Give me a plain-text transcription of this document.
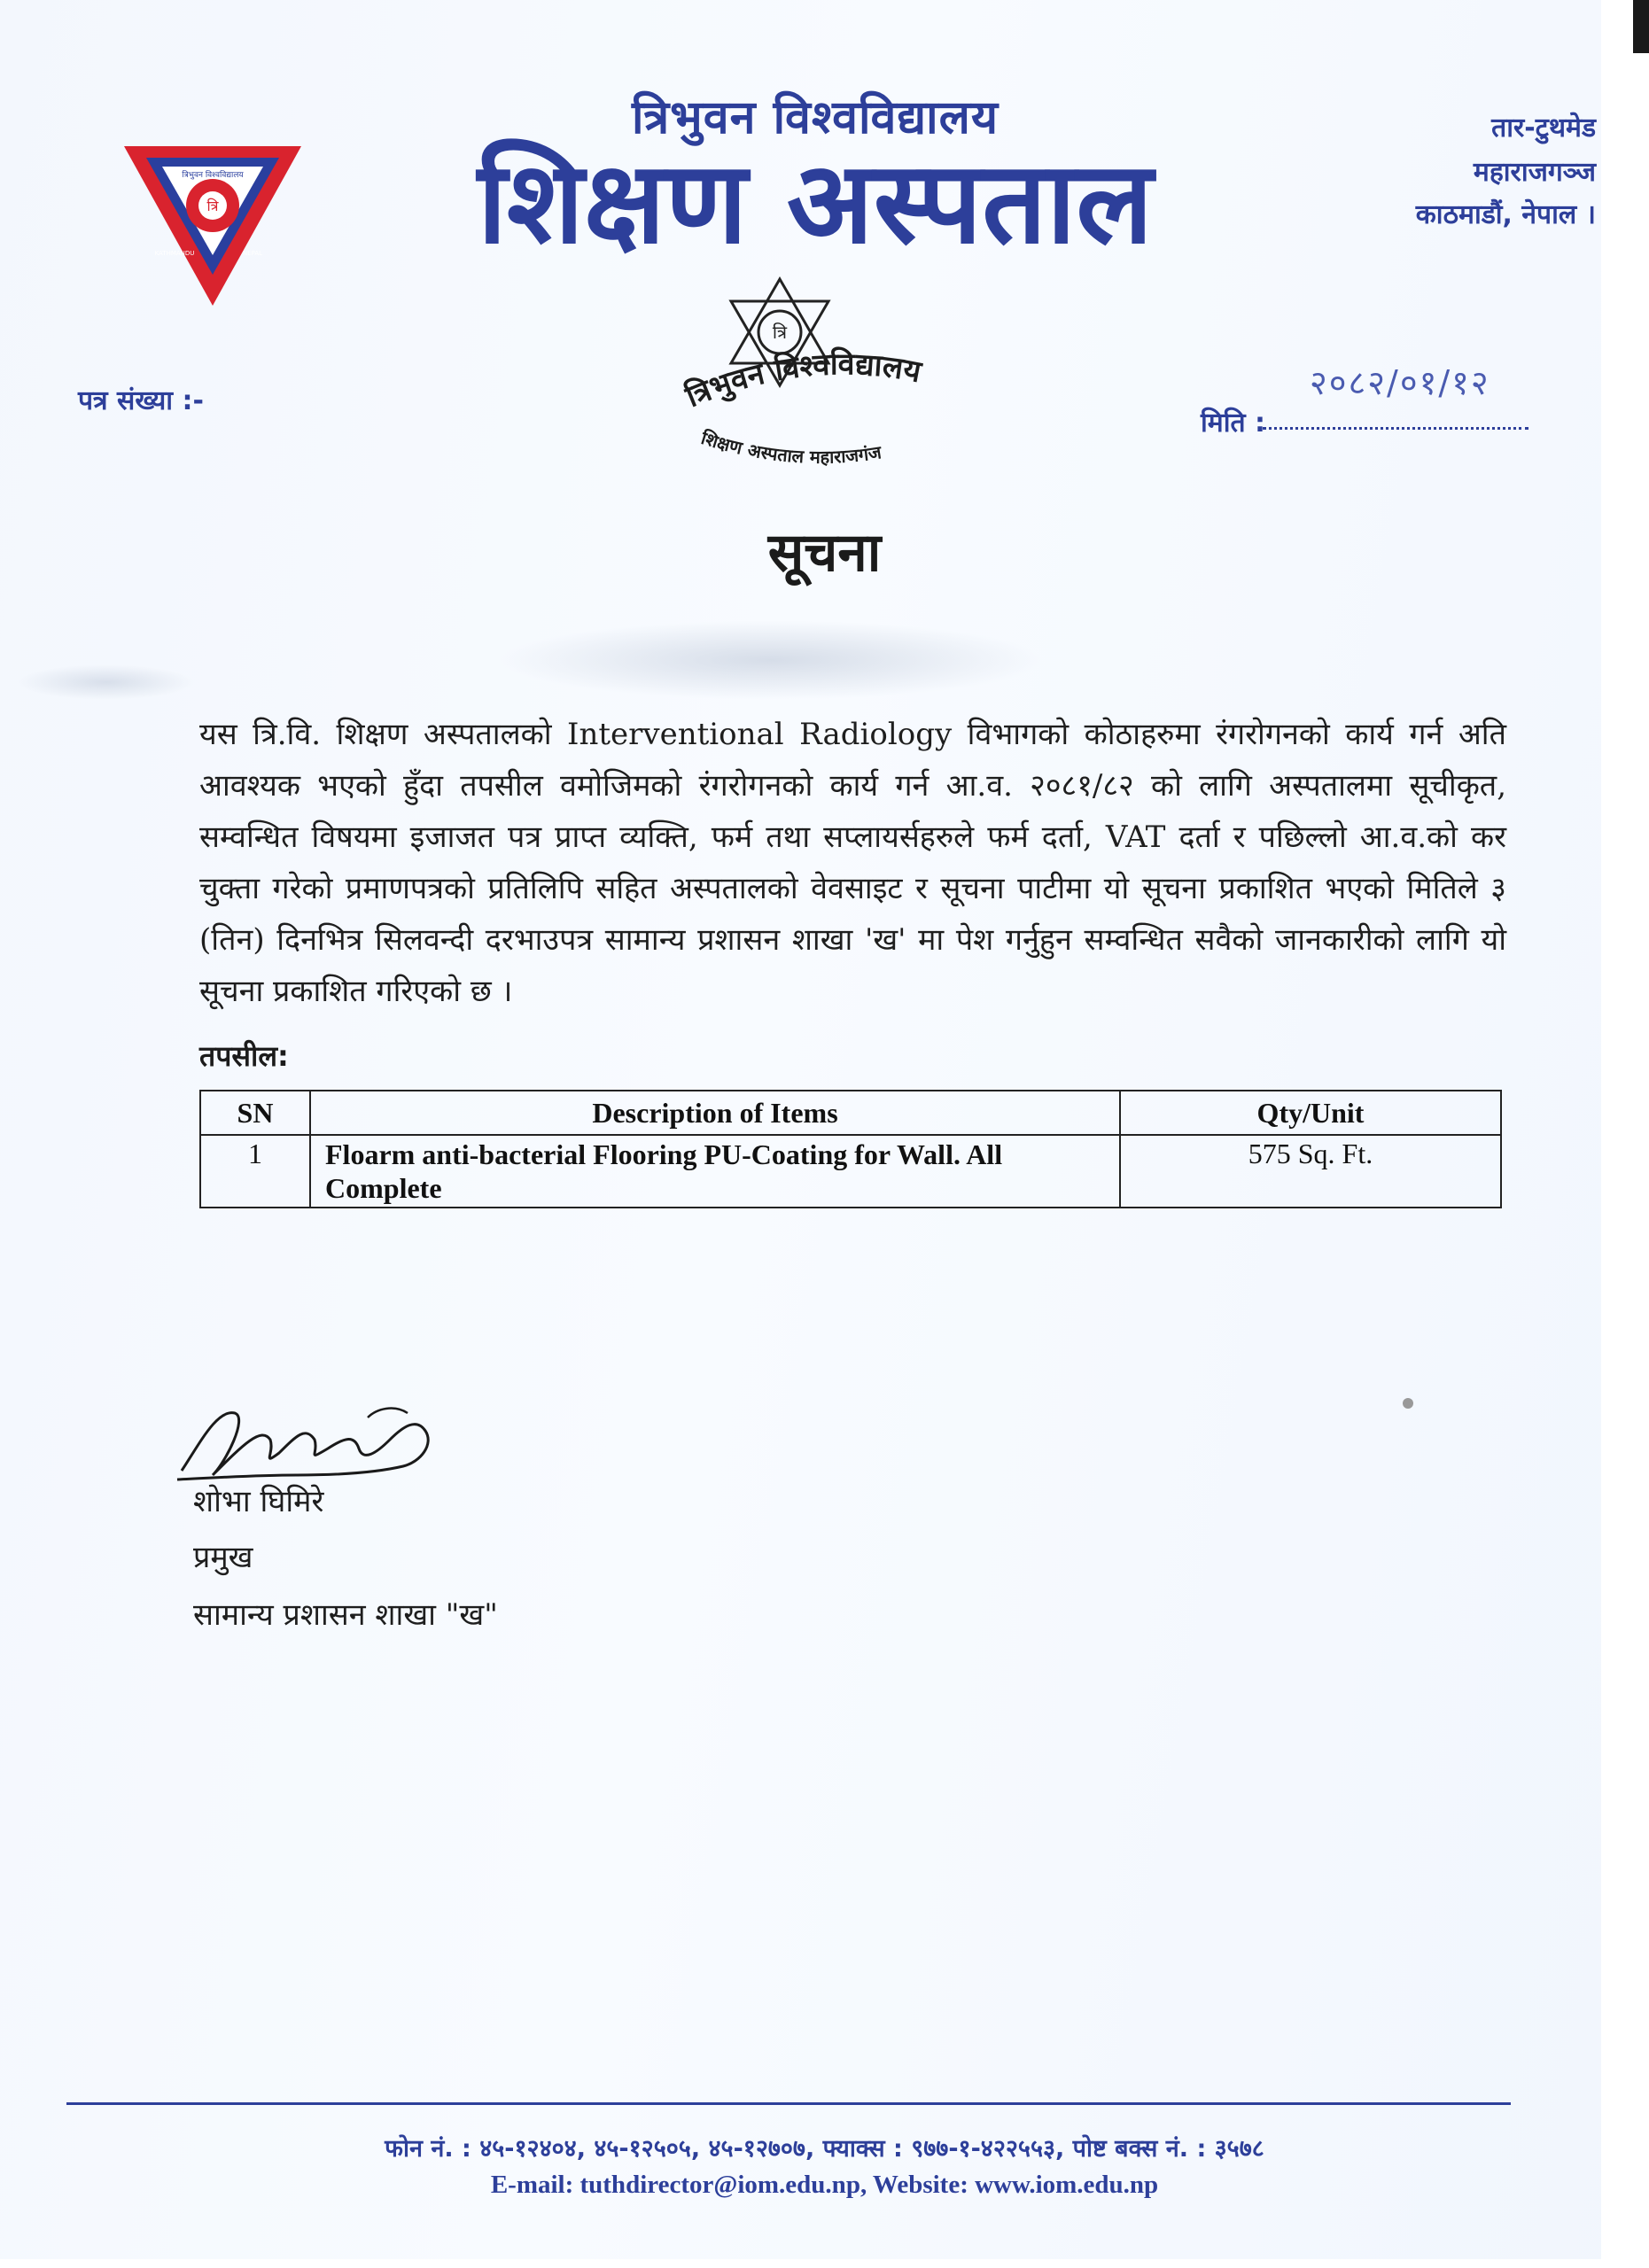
त्रि
त्रिभुवन विश्वविद्यालय
KATHMANDU	NEPAL
त्रिभुवन विश्वविद्यालय
शिक्षण अस्पताल
तार-टुथमेड
महाराजगञ्ज
काठमाडौं, नेपाल ।
त्रि
त्रिभुवन विश्वविद्यालय
शिक्षण अस्पताल महाराजगंज
पत्र संख्या :-	२०८२/०१/१२
मिति :
सूचना
यस त्रि.वि. शिक्षण अस्पतालको Interventional Radiology विभागको कोठाहरुमा रंगरोगनको कार्य गर्न अति आवश्यक भएको हुँदा तपसील वमोजिमको रंगरोगनको कार्य गर्न आ.व. २०८१/८२ को लागि अस्पतालमा सूचीकृत, सम्वन्धित विषयमा इजाजत पत्र प्राप्त व्यक्ति, फर्म तथा सप्लायर्सहरुले फर्म दर्ता, VAT दर्ता र पछिल्लो आ.व.को कर चुक्ता गरेको प्रमाणपत्रको प्रतिलिपि सहित अस्पतालको वेवसाइट र सूचना पाटीमा यो सूचना प्रकाशित भएको मितिले ३ (तिन) दिनभित्र सिलवन्दी दरभाउपत्र सामान्य प्रशासन शाखा 'ख' मा पेश गर्नुहुन सम्वन्धित सवैको जानकारीको लागि यो सूचना प्रकाशित गरिएको छ ।
तपसील:
SN	Description of Items	Qty/Unit
1	Floarm anti-bacterial Flooring PU-Coating for Wall. All Complete	575 Sq. Ft.
शोभा घिमिरे
प्रमुख
सामान्य प्रशासन शाखा "ख"
फोन नं. : ४५-१२४०४, ४५-१२५०५, ४५-१२७०७, फ्याक्स : ९७७-१-४२२५५३, पोष्ट बक्स नं. : ३५७८
E-mail: tuthdirector@iom.edu.np, Website: www.iom.edu.np
